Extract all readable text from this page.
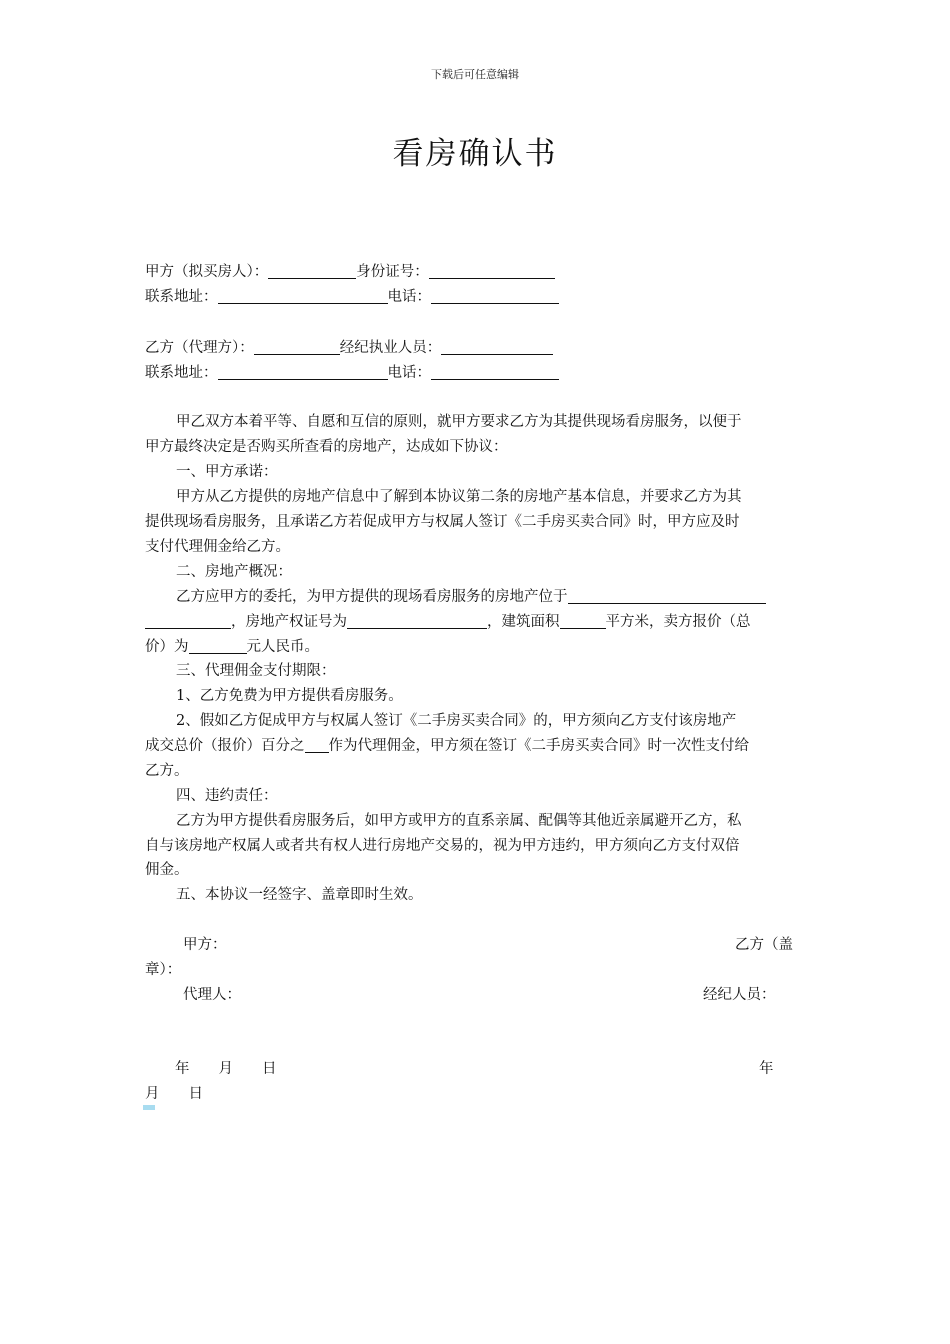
下载后可任意编辑
看房确认书
甲方（拟买房人）：	身份证号：
联系地址：	电话：
乙方（代理方）：	经纪执业人员：
联系地址：	电话：
甲乙双方本着平等、自愿和互信的原则，就甲方要求乙方为其提供现场看房服务，以便于
甲方最终决定是否购买所查看的房地产，达成如下协议：
一、甲方承诺：
甲方从乙方提供的房地产信息中了解到本协议第二条的房地产基本信息，并要求乙方为其
提供现场看房服务，且承诺乙方若促成甲方与权属人签订《二手房买卖合同》时，甲方应及时
支付代理佣金给乙方。
二、房地产概况：
乙方应甲方的委托，为甲方提供的现场看房服务的房地产位于
，房地产权证号为	，建筑面积	平方米，卖方报价（总
价）为	元人民币。
三、代理佣金支付期限：
1、乙方免费为甲方提供看房服务。
2、假如乙方促成甲方与权属人签订《二手房买卖合同》的，甲方须向乙方支付该房地产
成交总价（报价）百分之 作为代理佣金，甲方须在签订《二手房买卖合同》时一次性支付给
乙方。
四、违约责任：
乙方为甲方提供看房服务后，如甲方或甲方的直系亲属、配偶等其他近亲属避开乙方，私
自与该房地产权属人或者共有权人进行房地产交易的，视为甲方违约，甲方须向乙方支付双倍
佣金。
五、本协议一经签字、盖章即时生效。
甲方：	乙方（盖
章）：
代理人：	经纪人员：
年　　月　　日	年
月　　日
